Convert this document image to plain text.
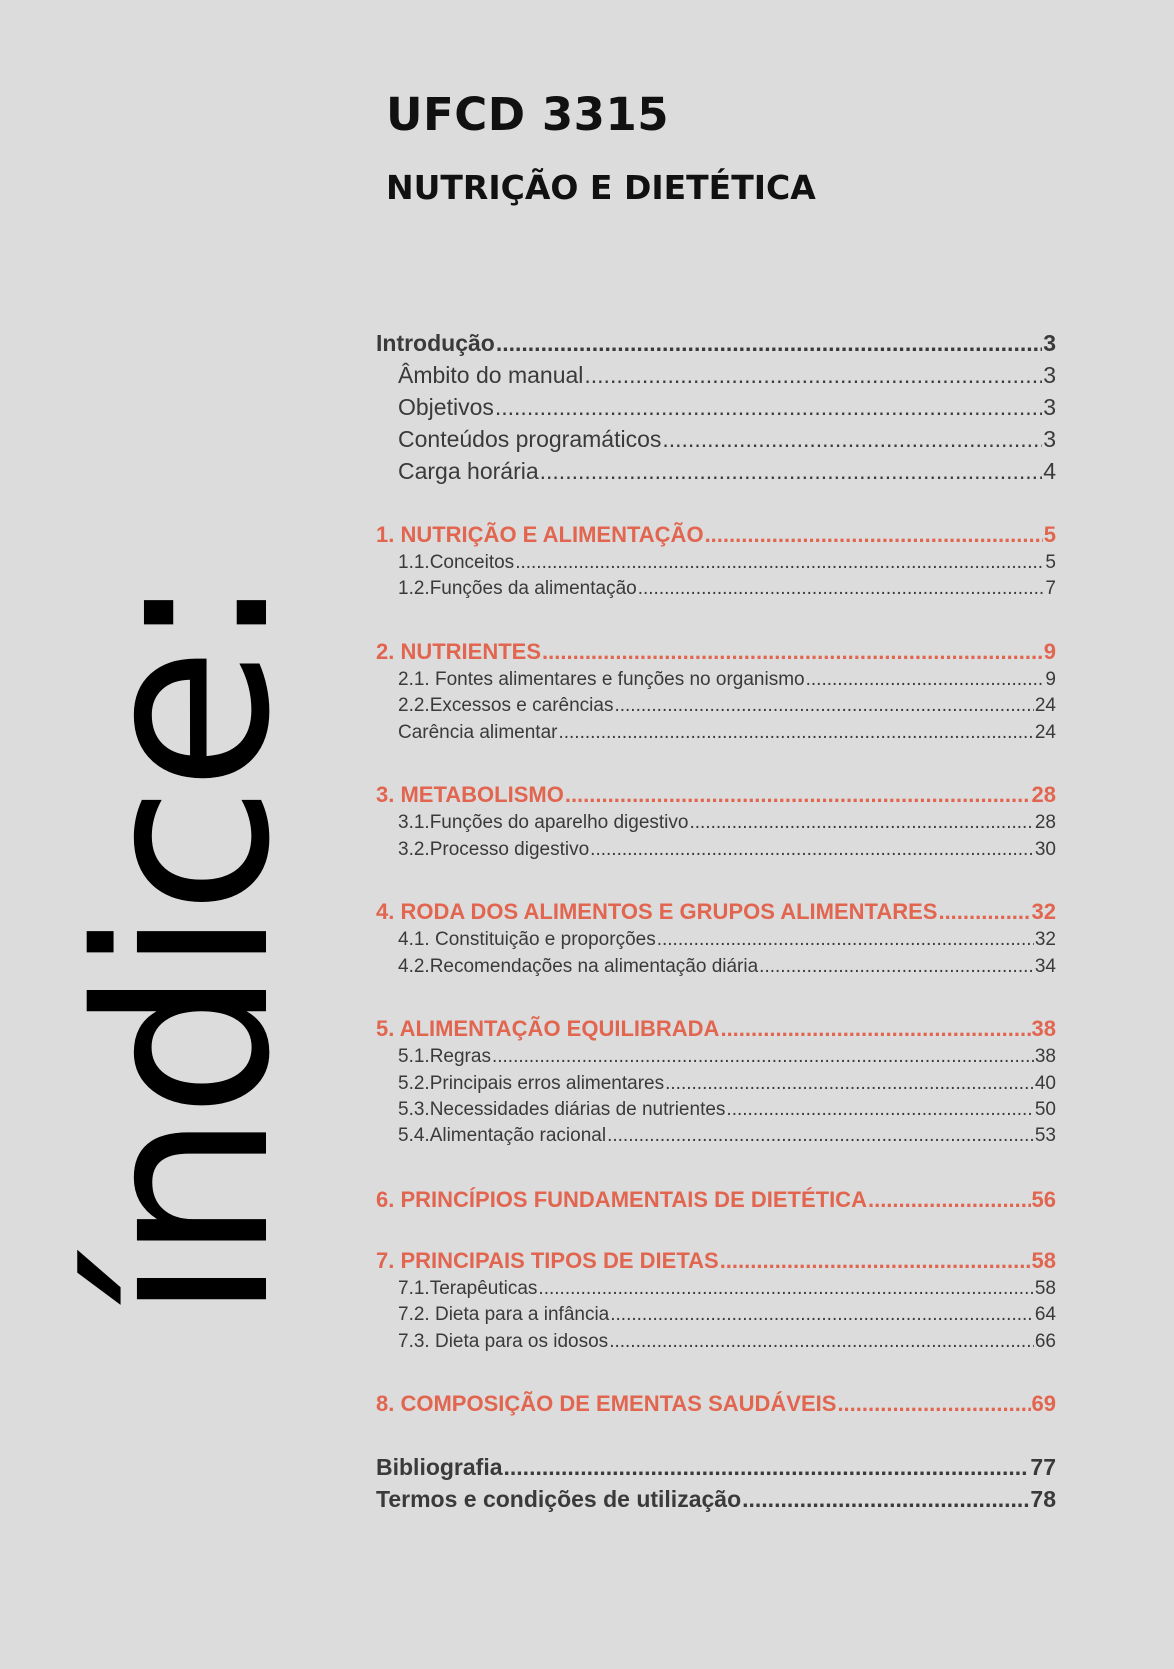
UFCD 3315
NUTRIÇÃO E DIETÉTICA
índice:
Introdução .....	3
Âmbito do manual .....	3
Objetivos .....	3
Conteúdos programáticos .....	3
Carga horária .....	4
1. NUTRIÇÃO E ALIMENTAÇÃO .....	5
1.1.Conceitos .....	5
1.2.Funções da alimentação .....	7
2. NUTRIENTES .....	9
2.1. Fontes alimentares e funções no organismo .....	9
2.2.Excessos e carências .....	24
Carência alimentar .....	24
3. METABOLISMO .....	28
3.1.Funções do aparelho digestivo .....	28
3.2.Processo digestivo .....	30
4. RODA DOS ALIMENTOS E GRUPOS ALIMENTARES .....	32
4.1. Constituição e proporções .....	32
4.2.Recomendações na alimentação diária .....	34
5. ALIMENTAÇÃO EQUILIBRADA .....	38
5.1.Regras .....	38
5.2.Principais erros alimentares .....	40
5.3.Necessidades diárias de nutrientes .....	50
5.4.Alimentação racional .....	53
6. PRINCÍPIOS FUNDAMENTAIS DE DIETÉTICA .....	56
7. PRINCIPAIS TIPOS DE DIETAS .....	58
7.1.Terapêuticas .....	58
7.2. Dieta para a infância .....	64
7.3. Dieta para os idosos .....	66
8. COMPOSIÇÃO DE EMENTAS SAUDÁVEIS .....	69
Bibliografia .....	77
Termos e condições de utilização .....	78
